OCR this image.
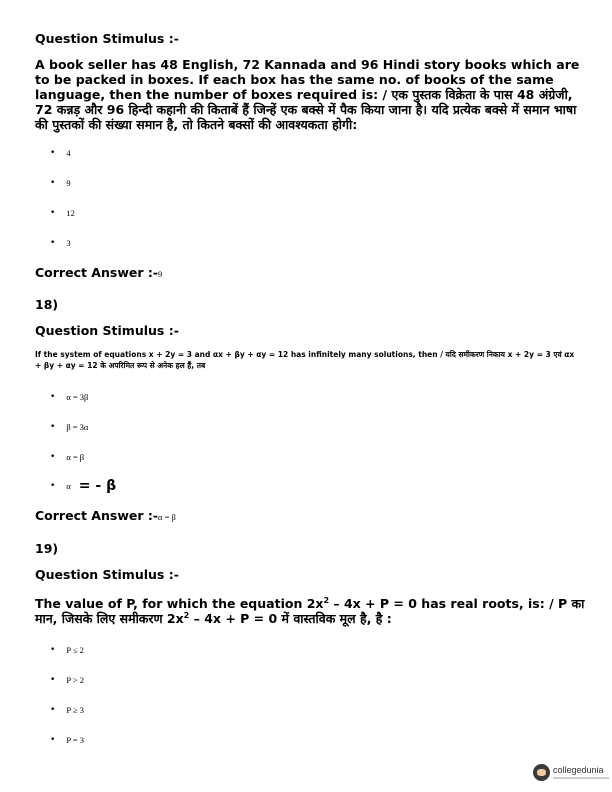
Question Stimulus :-

A book seller has 48 English, 72 Kannada and 96 Hindi story books which are to be packed in boxes. If each box has the same no. of books of the same language, then the number of boxes required is: / एक पुस्तक विक्रेता के पास 48 अंग्रेजी, 72 कन्नड़ और 96 हिन्दी कहानी की किताबें हैं जिन्हें एक बक्से में पैक किया जाना है। यदि प्रत्येक बक्से में समान भाषा की पुस्तकों की संख्या समान है, तो कितने बक्सों की आवश्यकता होगी:

• 4
• 9
• 12
• 3
Correct Answer :-9
18)
Question Stimulus :-

If the system of equations x + 2y = 3 and αx + βy + αy = 12 has infinitely many solutions, then / यदि समीकरण निकाय x + 2y = 3 एवं αx + βy + αy = 12 के अपरिमित रूप से अनेक हल हैं, तब

• α = 3β
• β = 3α
• α = β
• α = - β
Correct Answer :-α = β
19)
Question Stimulus :-

The value of P, for which the equation $2x^2 - 4x + P = 0$ has real roots, is: / P का मान, जिसके लिए समीकरण $2x^2 - 4x + P = 0$ में वास्तविक मूल है, है :

• P ≤ 2
• P > 2
• P ≥ 3
• P = 3
collegedunia
